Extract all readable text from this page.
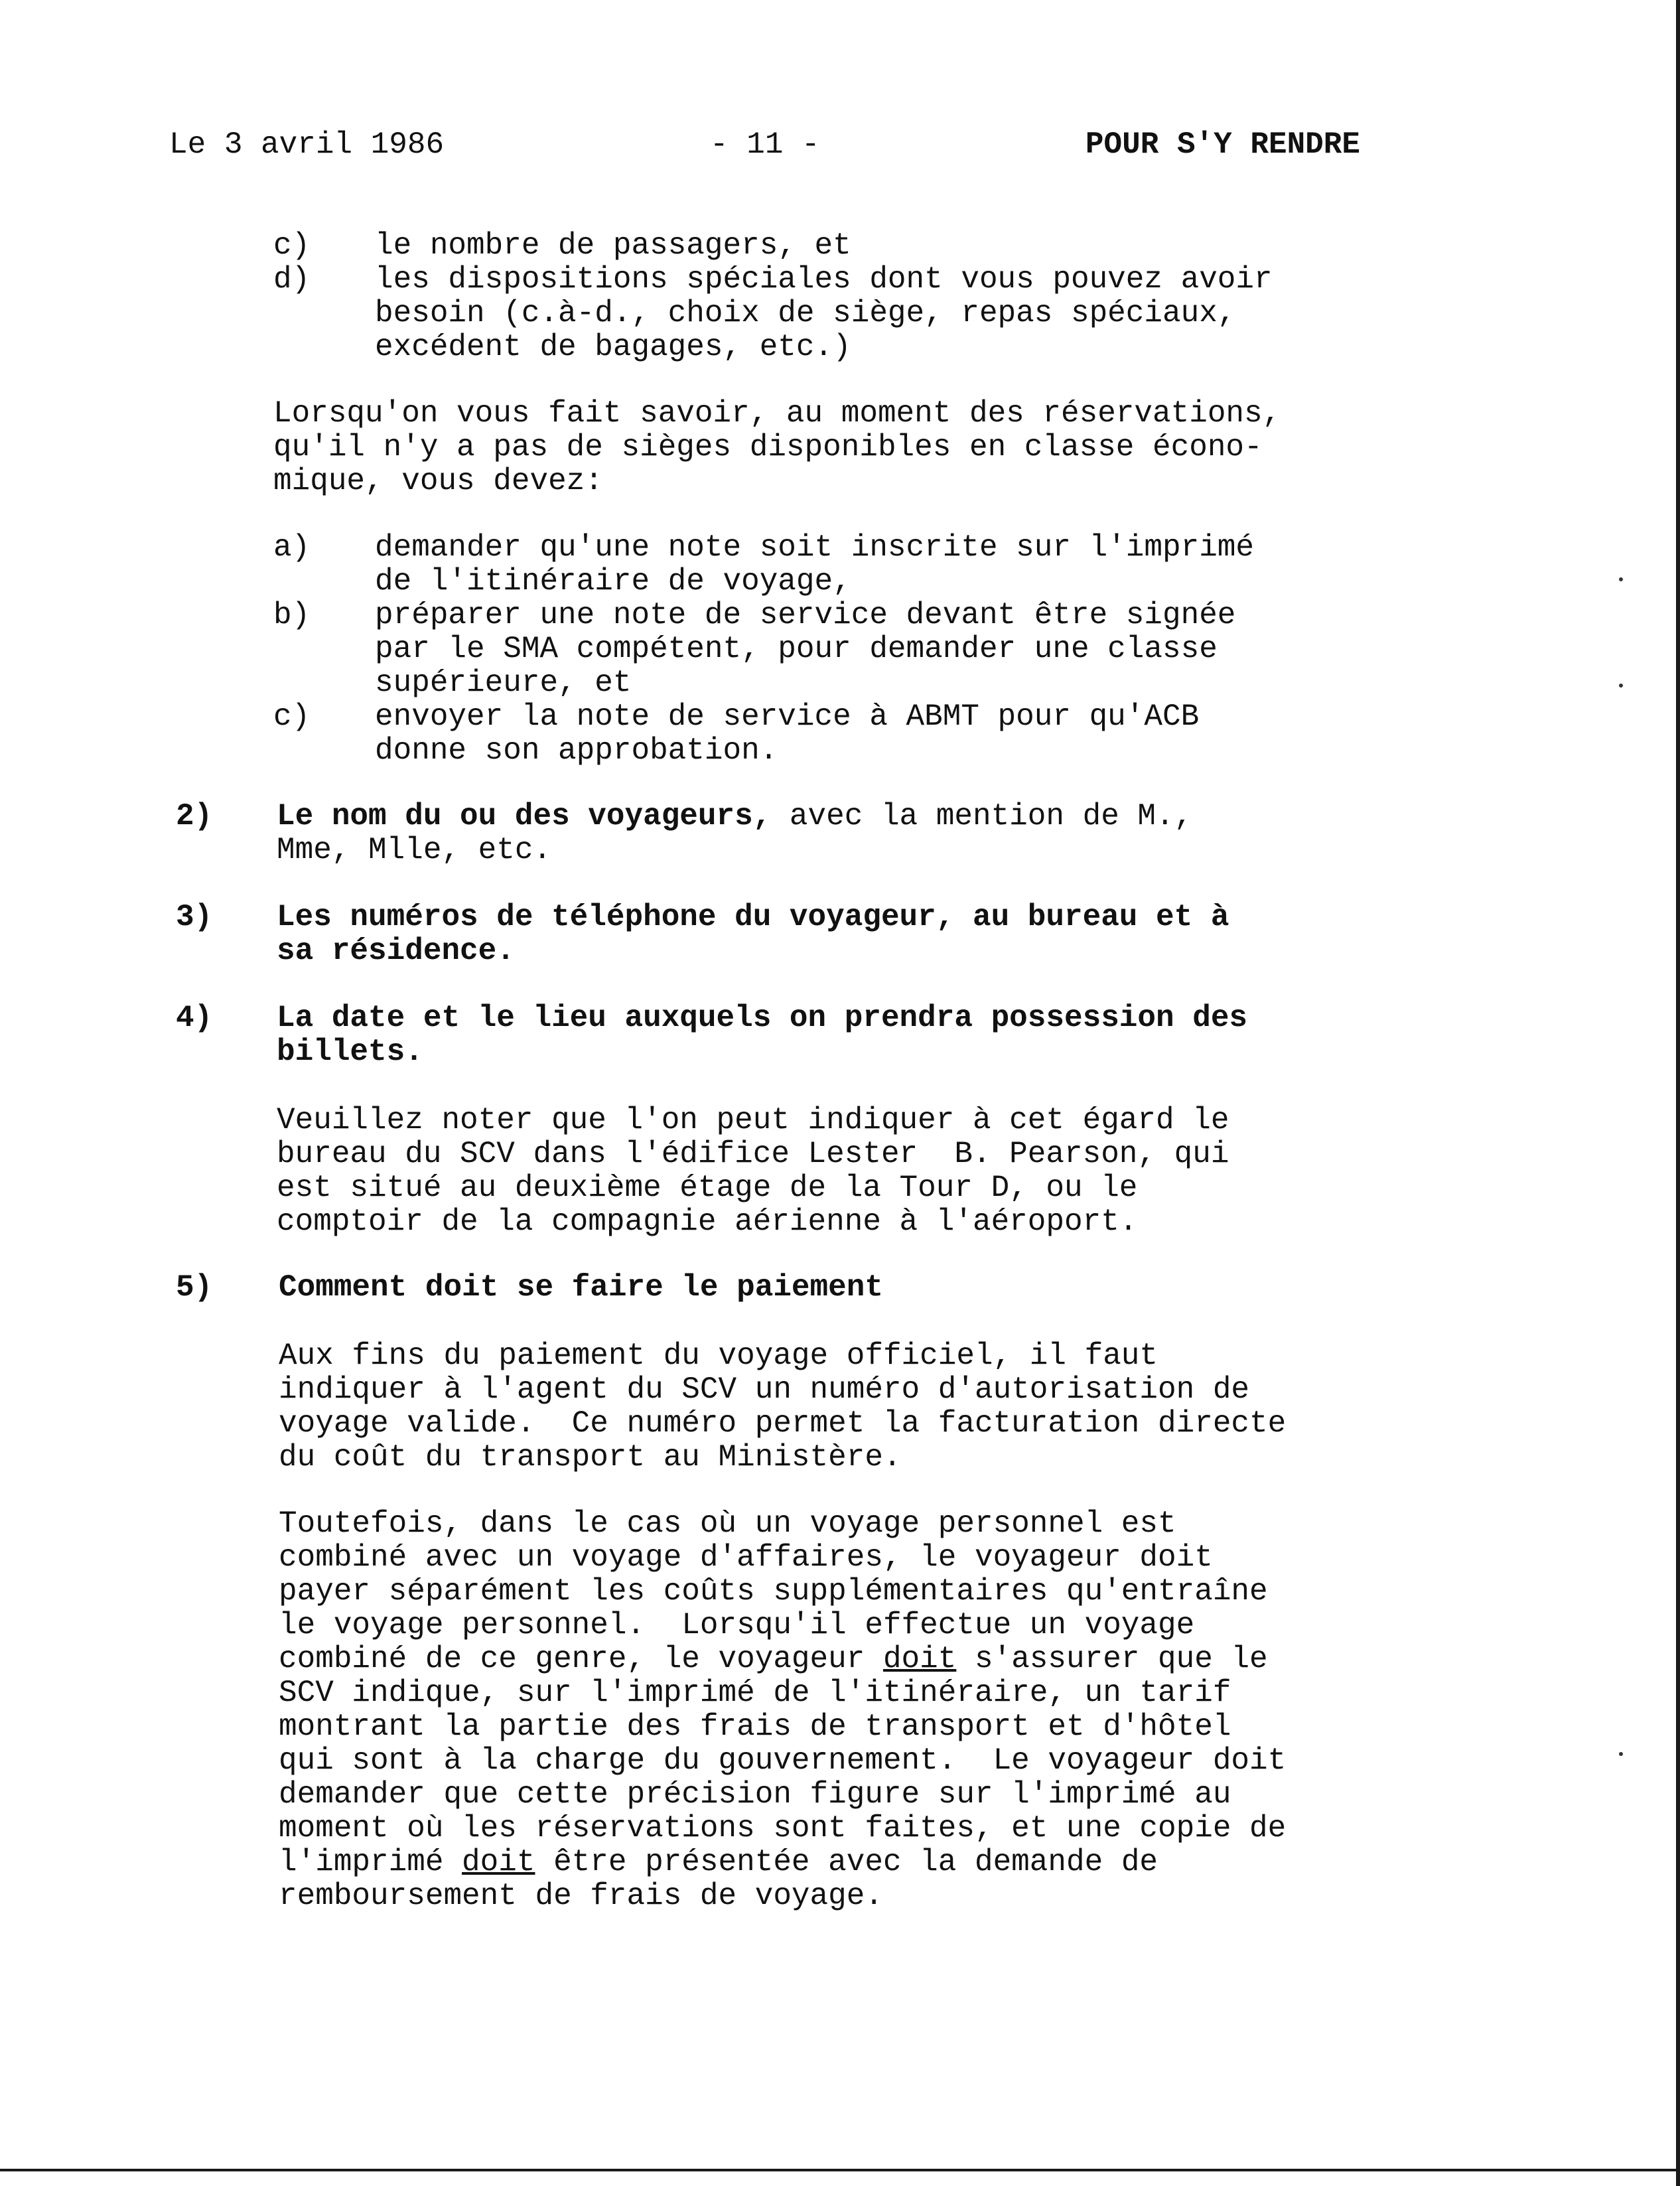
Le 3 avril 1986	- 11 -	POUR S'Y RENDRE
c) le nombre de passagers, et
d) les dispositions spéciales dont vous pouvez avoir
besoin (c.à-d., choix de siège, repas spéciaux,
excédent de bagages, etc.)
Lorsqu'on vous fait savoir, au moment des réservations,
qu'il n'y a pas de sièges disponibles en classe écono-
mique, vous devez:
a) demander qu'une note soit inscrite sur l'imprimé
de l'itinéraire de voyage,
b) préparer une note de service devant être signée
par le SMA compétent, pour demander une classe
supérieure, et
c) envoyer la note de service à ABMT pour qu'ACB
donne son approbation.
2) Le nom du ou des voyageurs, avec la mention de M.,
Mme, Mlle, etc.
3) Les numéros de téléphone du voyageur, au bureau et à
sa résidence.
4) La date et le lieu auxquels on prendra possession des
billets.
Veuillez noter que l'on peut indiquer à cet égard le
bureau du SCV dans l'édifice Lester  B. Pearson, qui
est situé au deuxième étage de la Tour D, ou le
comptoir de la compagnie aérienne à l'aéroport.
5) Comment doit se faire le paiement
Aux fins du paiement du voyage officiel, il faut
indiquer à l'agent du SCV un numéro d'autorisation de
voyage valide.  Ce numéro permet la facturation directe
du coût du transport au Ministère.
Toutefois, dans le cas où un voyage personnel est
combiné avec un voyage d'affaires, le voyageur doit
payer séparément les coûts supplémentaires qu'entraîne
le voyage personnel.  Lorsqu'il effectue un voyage
combiné de ce genre, le voyageur doit s'assurer que le
SCV indique, sur l'imprimé de l'itinéraire, un tarif
montrant la partie des frais de transport et d'hôtel
qui sont à la charge du gouvernement.  Le voyageur doit
demander que cette précision figure sur l'imprimé au
moment où les réservations sont faites, et une copie de
l'imprimé doit être présentée avec la demande de
remboursement de frais de voyage.
